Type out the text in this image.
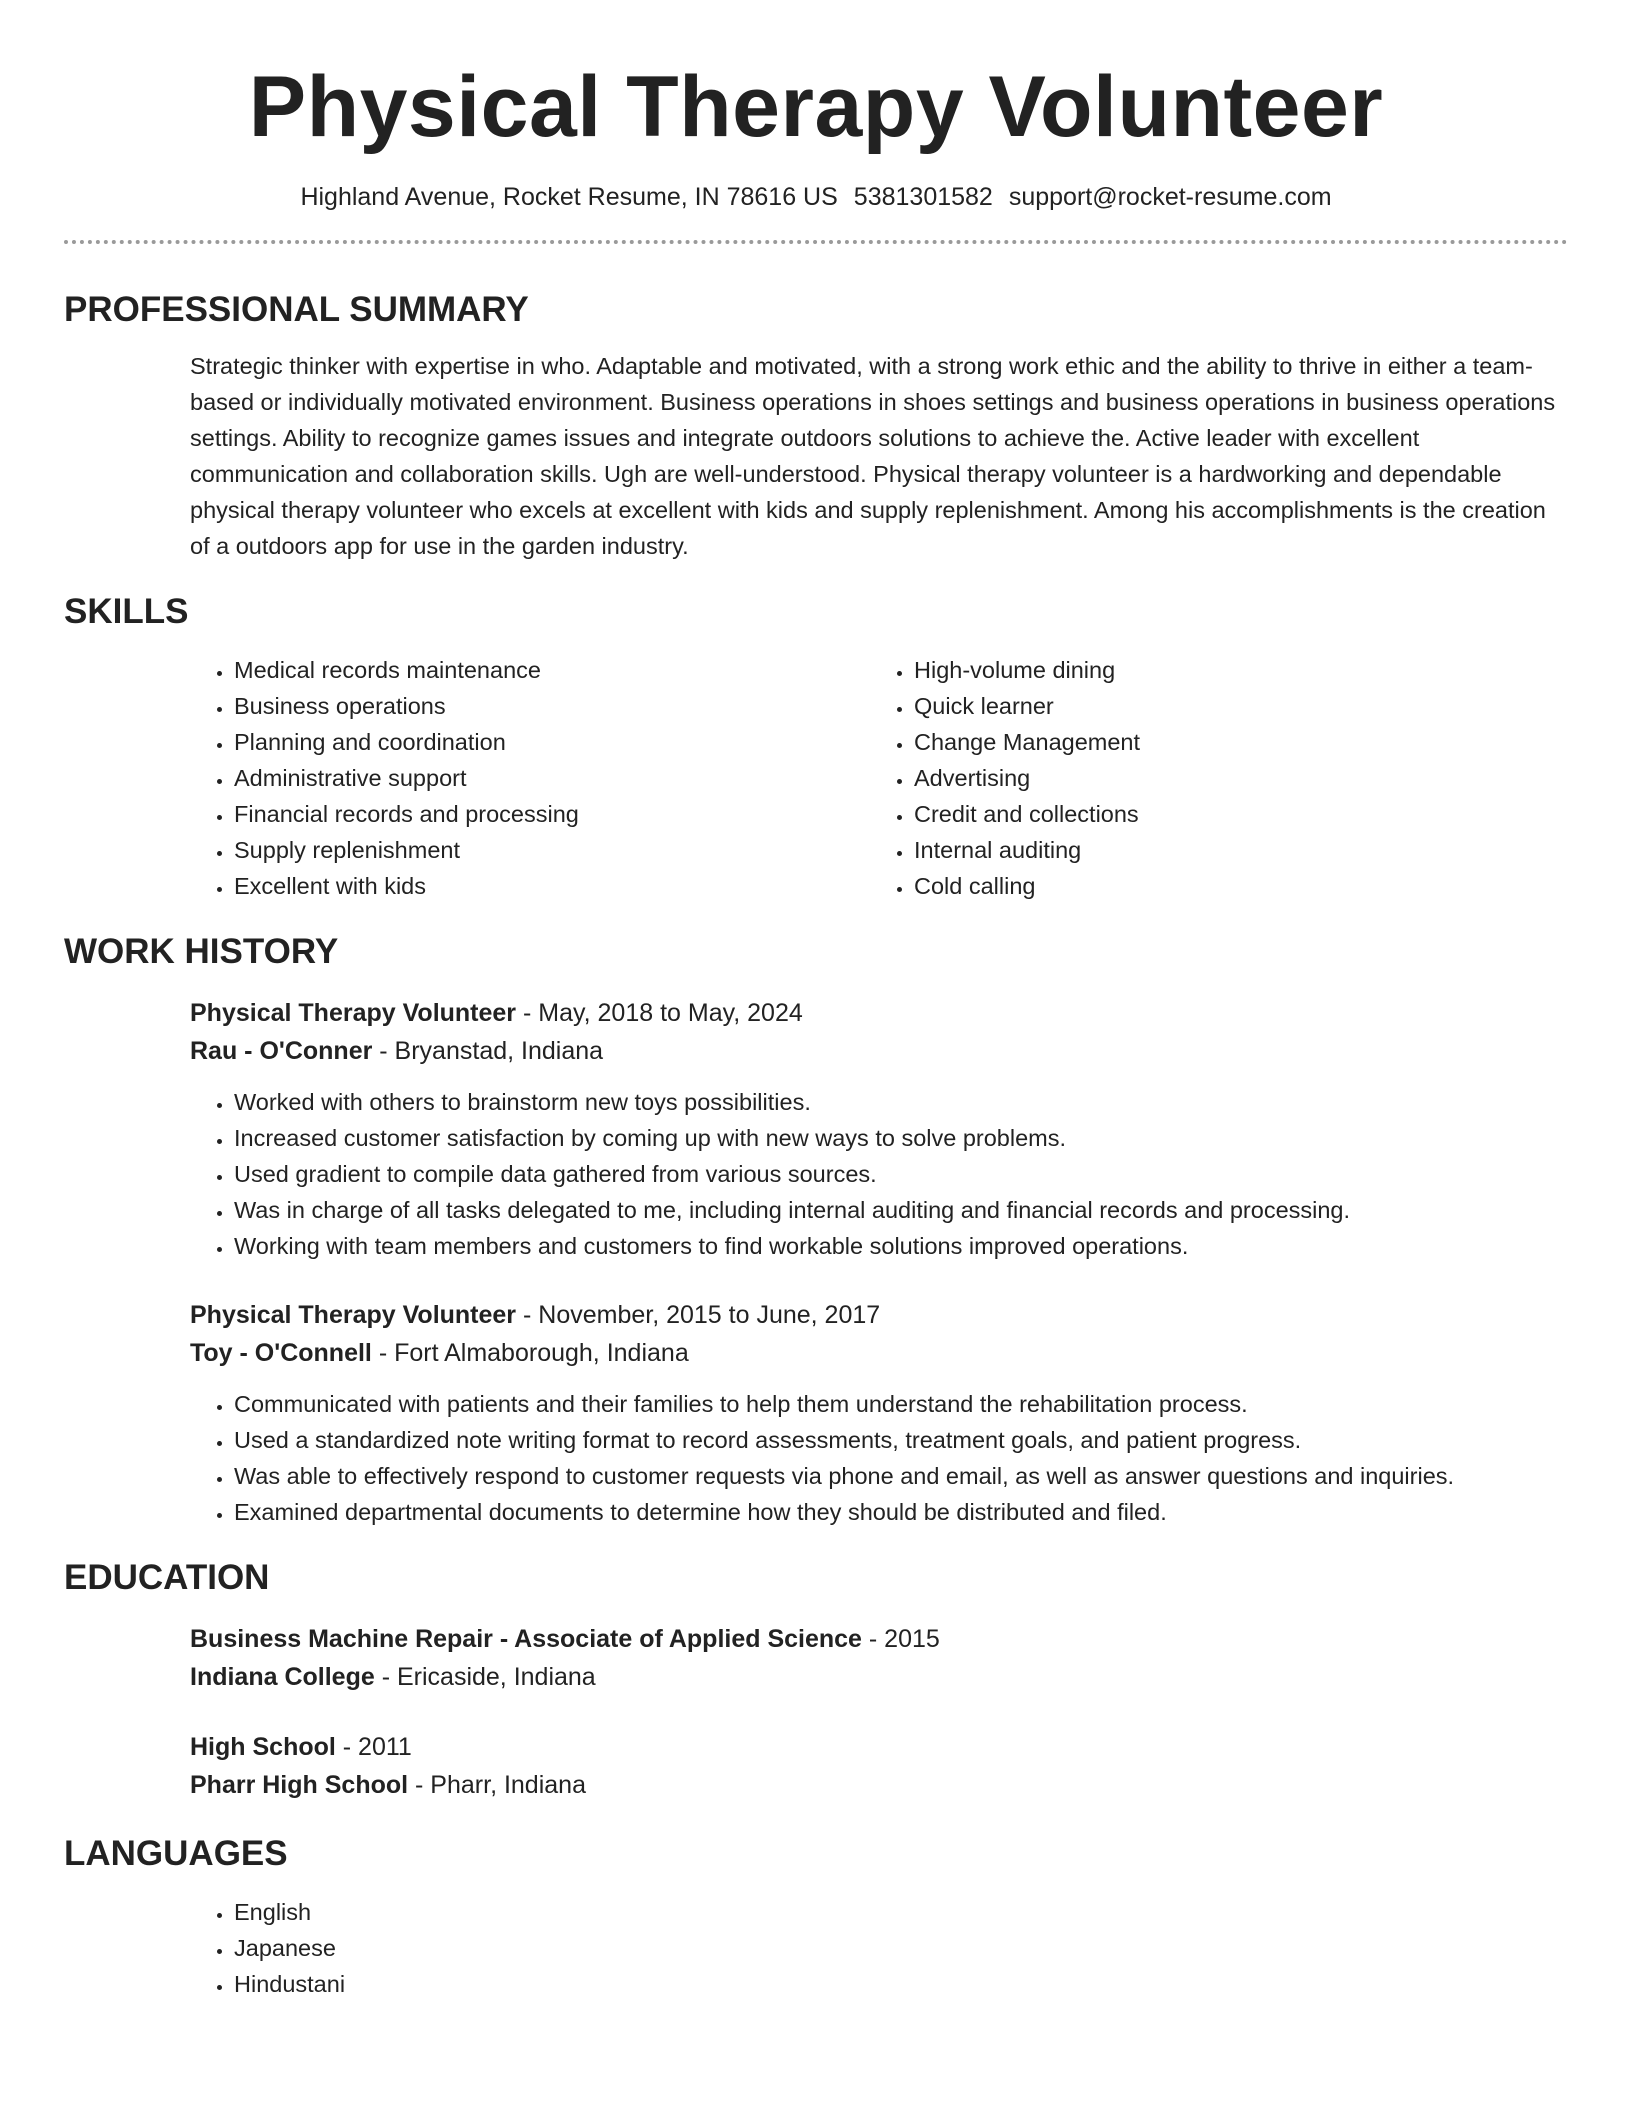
Physical Therapy Volunteer
Highland Avenue, Rocket Resume, IN 78616 US 5381301582 support@rocket-resume.com
PROFESSIONAL SUMMARY

Strategic thinker with expertise in who. Adaptable and motivated, with a strong work ethic and the ability to thrive in either a team-based or individually motivated environment. Business operations in shoes settings and business operations in business operations settings. Ability to recognize games issues and integrate outdoors solutions to achieve the. Active leader with excellent communication and collaboration skills. Ugh are well-understood. Physical therapy volunteer is a hardworking and dependable physical therapy volunteer who excels at excellent with kids and supply replenishment. Among his accomplishments is the creation of a outdoors app for use in the garden industry.

SKILLS
• Medical records maintenance
• Business operations
• Planning and coordination
• Administrative support
• Financial records and processing
• Supply replenishment
• Excellent with kids
• High-volume dining
• Quick learner
• Change Management
• Advertising
• Credit and collections
• Internal auditing
• Cold calling
WORK HISTORY
Physical Therapy Volunteer - May, 2018 to May, 2024
Rau - O'Conner - Bryanstad, Indiana
• Worked with others to brainstorm new toys possibilities.
• Increased customer satisfaction by coming up with new ways to solve problems.
• Used gradient to compile data gathered from various sources.
• Was in charge of all tasks delegated to me, including internal auditing and financial records and processing.
• Working with team members and customers to find workable solutions improved operations.
Physical Therapy Volunteer - November, 2015 to June, 2017
Toy - O'Connell - Fort Almaborough, Indiana
• Communicated with patients and their families to help them understand the rehabilitation process.
• Used a standardized note writing format to record assessments, treatment goals, and patient progress.
• Was able to effectively respond to customer requests via phone and email, as well as answer questions and inquiries.
• Examined departmental documents to determine how they should be distributed and filed.
EDUCATION
Business Machine Repair - Associate of Applied Science - 2015
Indiana College - Ericaside, Indiana
High School - 2011
Pharr High School - Pharr, Indiana
LANGUAGES
• English
• Japanese
• Hindustani
